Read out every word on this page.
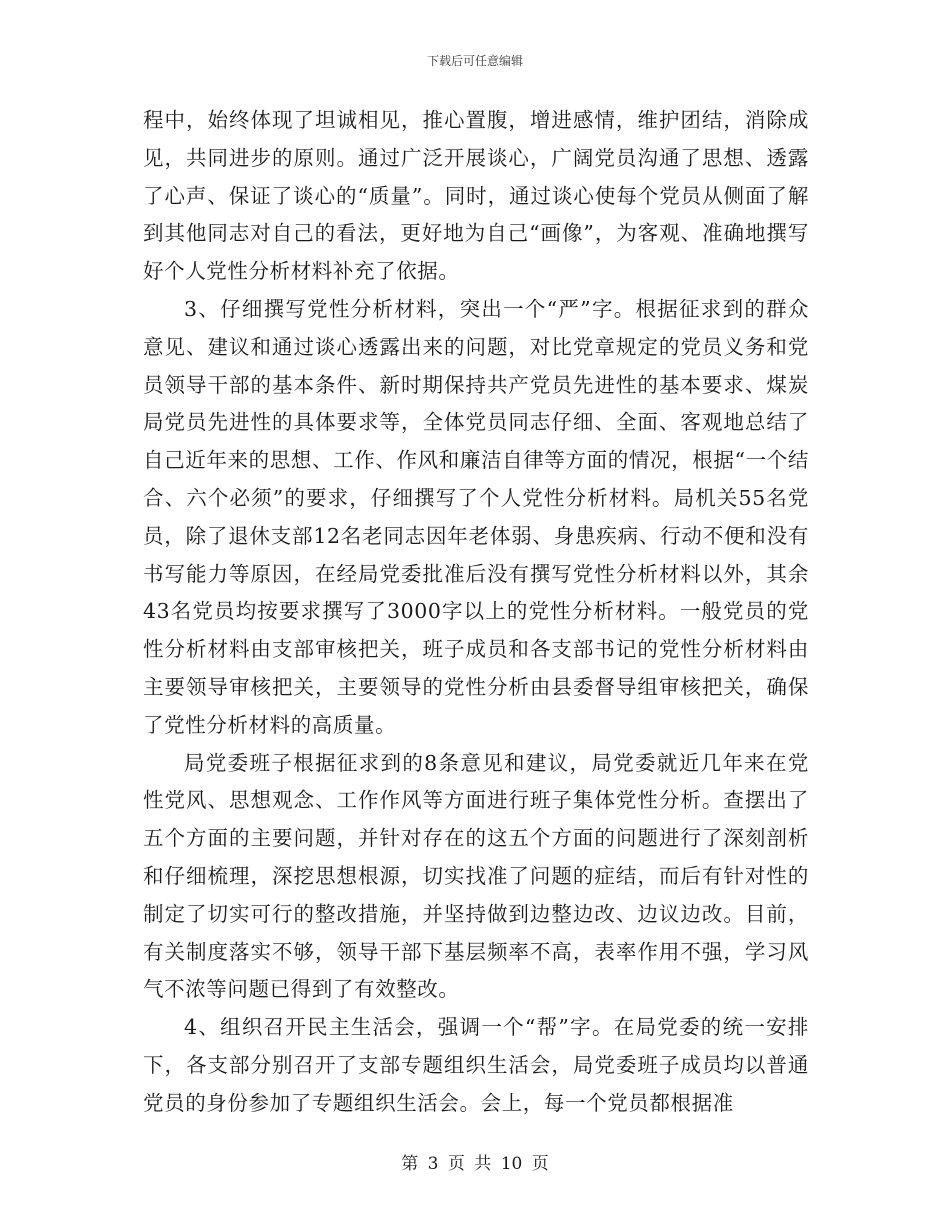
下载后可任意编辑

程中，始终体现了坦诚相见，推心置腹，增进感情，维护团结，消除成见，共同进步的原则。通过广泛开展谈心，广阔党员沟通了思想、透露了心声、保证了谈心的“质量”。同时，通过谈心使每个党员从侧面了解到其他同志对自己的看法，更好地为自己“画像”，为客观、准确地撰写好个人党性分析材料补充了依据。

3、仔细撰写党性分析材料，突出一个“严”字。根据征求到的群众意见、建议和通过谈心透露出来的问题，对比党章规定的党员义务和党员领导干部的基本条件、新时期保持共产党员先进性的基本要求、煤炭局党员先进性的具体要求等，全体党员同志仔细、全面、客观地总结了自己近年来的思想、工作、作风和廉洁自律等方面的情况，根据“一个结合、六个必须”的要求，仔细撰写了个人党性分析材料。局机关55名党员，除了退休支部12名老同志因年老体弱、身患疾病、行动不便和没有书写能力等原因，在经局党委批准后没有撰写党性分析材料以外，其余43名党员均按要求撰写了3000字以上的党性分析材料。一般党员的党性分析材料由支部审核把关，班子成员和各支部书记的党性分析材料由主要领导审核把关，主要领导的党性分析由县委督导组审核把关，确保了党性分析材料的高质量。

局党委班子根据征求到的8条意见和建议，局党委就近几年来在党性党风、思想观念、工作作风等方面进行班子集体党性分析。查摆出了五个方面的主要问题，并针对存在的这五个方面的问题进行了深刻剖析和仔细梳理，深挖思想根源，切实找准了问题的症结，而后有针对性的制定了切实可行的整改措施，并坚持做到边整边改、边议边改。目前，有关制度落实不够，领导干部下基层频率不高，表率作用不强，学习风气不浓等问题已得到了有效整改。

4、组织召开民主生活会，强调一个“帮”字。在局党委的统一安排下，各支部分别召开了支部专题组织生活会，局党委班子成员均以普通党员的身份参加了专题组织生活会。会上，每一个党员都根据准

第 3 页 共 10 页
